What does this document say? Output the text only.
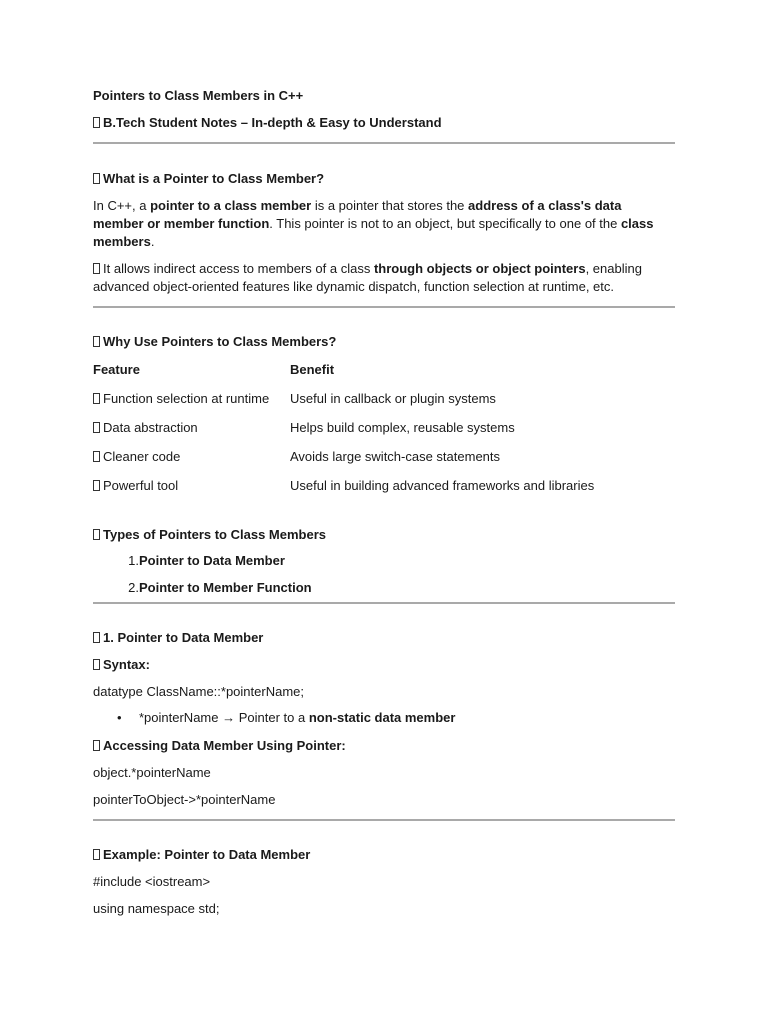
Pointers to Class Members in C++

B.Tech Student Notes – In-depth & Easy to Understand

What is a Pointer to Class Member?

In C++, a pointer to a class member is a pointer that stores the address of a class's data member or member function. This pointer is not to an object, but specifically to one of the class members.

It allows indirect access to members of a class through objects or object pointers, enabling advanced object-oriented features like dynamic dispatch, function selection at runtime, etc.

Why Use Pointers to Class Members?

Feature	Benefit
Function selection at runtime	Useful in callback or plugin systems
Data abstraction	Helps build complex, reusable systems
Cleaner code	Avoids large switch-case statements
Powerful tool	Useful in building advanced frameworks and libraries

Types of Pointers to Class Members

1. Pointer to Data Member
2. Pointer to Member Function

1. Pointer to Data Member

Syntax:

datatype ClassName::*pointerName;

•	*pointerName → Pointer to a non-static data member

Accessing Data Member Using Pointer:

object.*pointerName

pointerToObject->*pointerName

Example: Pointer to Data Member

#include <iostream>

using namespace std;
